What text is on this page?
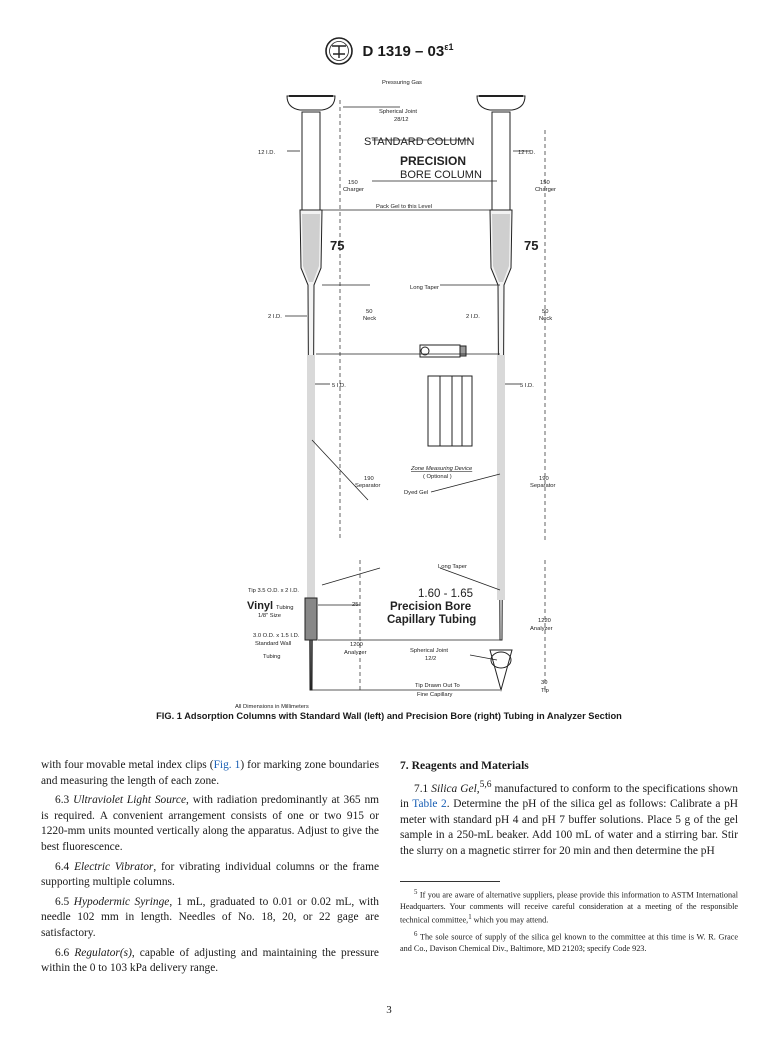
D $1319 - 03^{\varepsilon 1}$
Pressuring Gas
Spherical Joint
28/12
STANDARD COLUMN
PRECISION
BORE COLUMN
12 I.D.	12 I.D.
150
Charger
150
Charger
Pack Gel to this Level
75	75
Long Taper
2 I.D.	2 I.D.
50
Neck
50
Neck
5 I.D.	5 I.D.
190
Separator
190
Separator
Zone Measuring Device
( Optional )
Dyed Gel
Long Taper
Tip 3.5 O.D. x 2 I.D.
Vinyl Tubing
1/8" Size
3.0 O.D. x 1.5 I.D.
Standard Wall
Tubing
25
1200
Analyzer
1.60 - 1.65
Precision Bore
Capillary Tubing	1220
Analyzer
Spherical Joint
12/2
30
Tip
Tip Drawn Out To
Fine Capillary
All Dimensions in Millimeters
FIG. 1 Adsorption Columns with Standard Wall (left) and Precision Bore (right) Tubing in Analyzer Section

with four movable metal index clips (Fig. 1) for marking zone boundaries and measuring the length of each zone.

6.3 Ultraviolet Light Source, with radiation predominantly at 365 nm is required. A convenient arrangement consists of one or two 915 or 1220-mm units mounted vertically along the apparatus. Adjust to give the best fluorescence.

6.4 Electric Vibrator, for vibrating individual columns or the frame supporting multiple columns.

6.5 Hypodermic Syringe, 1 mL, graduated to 0.01 or 0.02 mL, with needle 102 mm in length. Needles of No. 18, 20, or 22 gage are satisfactory.

6.6 Regulator(s), capable of adjusting and maintaining the pressure within the 0 to 103 kPa delivery range.

7. Reagents and Materials

7.1 Silica Gel,$^{5,6}$ manufactured to conform to the specifications shown in Table 2. Determine the pH of the silica gel as follows: Calibrate a pH meter with standard pH 4 and pH 7 buffer solutions. Place 5 g of the gel sample in a 250-mL beaker. Add 100 mL of water and a stirring bar. Stir the slurry on a magnetic stirrer for 20 min and then determine the pH

$^5$ If you are aware of alternative suppliers, please provide this information to ASTM International Headquarters. Your comments will receive careful consideration at a meeting of the responsible technical committee,$^1$ which you may attend.

$^6$ The sole source of supply of the silica gel known to the committee at this time is W. R. Grace and Co., Davison Chemical Div., Baltimore, MD 21203; specify Code 923.

3
